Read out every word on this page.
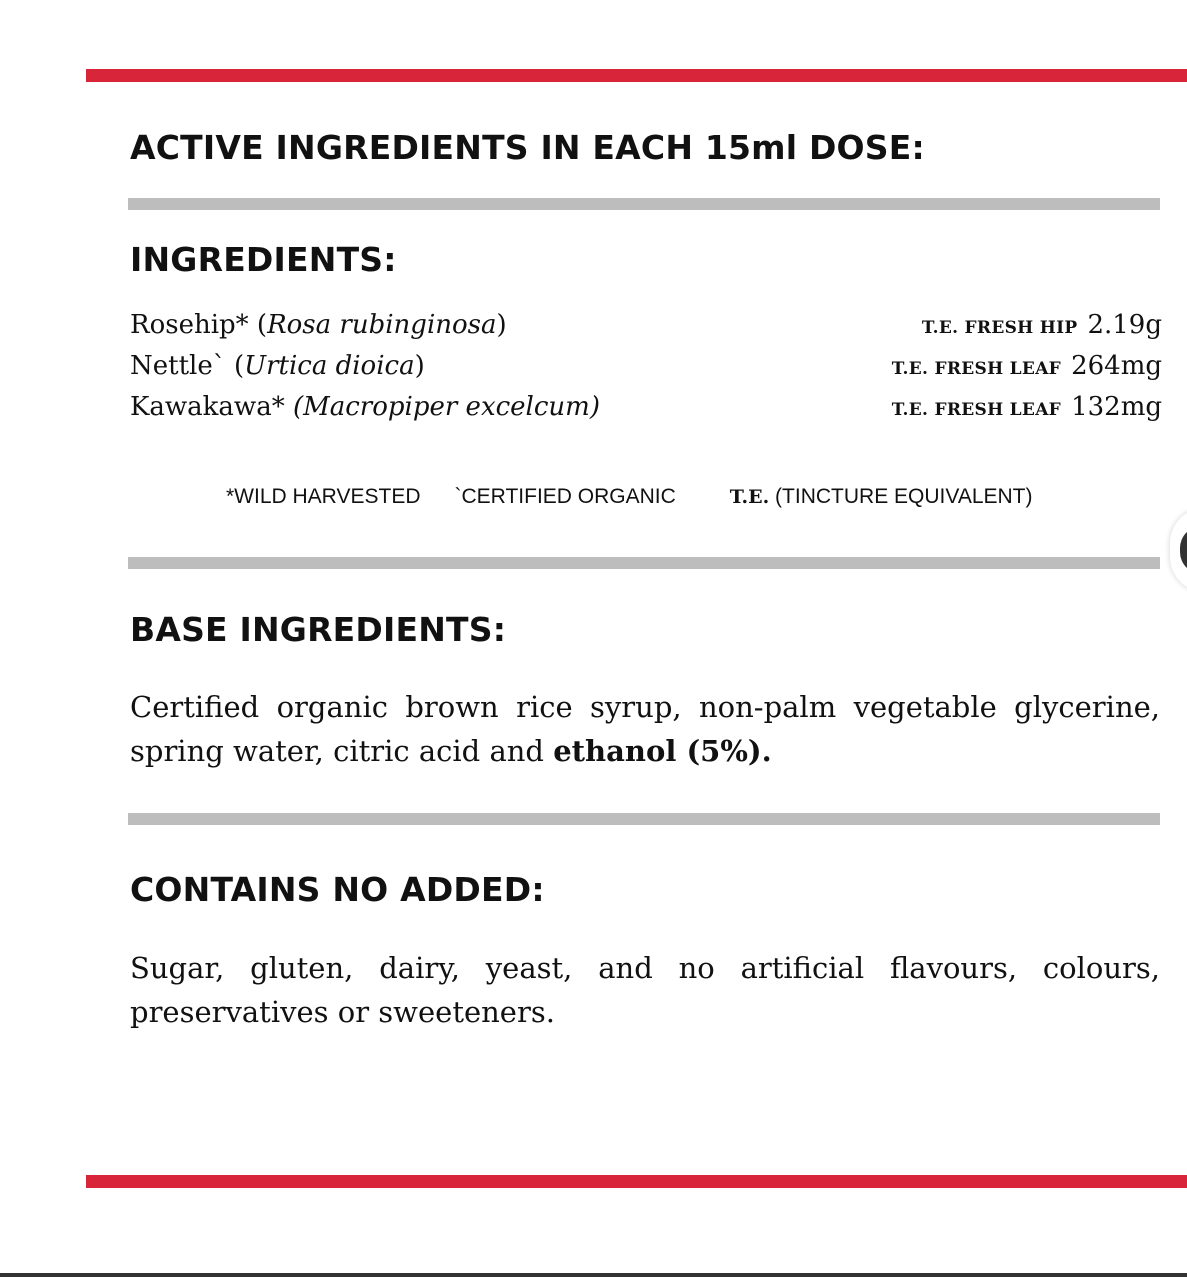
ACTIVE INGREDIENTS IN EACH 15ml DOSE:
INGREDIENTS:
Rosehip* (Rosa rubinginosa)	T.E. FRESH HIP 2.19g
Nettle` (Urtica dioica)	T.E. FRESH LEAF 264mg
Kawakawa* (Macropiper excelcum)	T.E. FRESH LEAF 132mg
*WILD HARVESTED `CERTIFIED ORGANIC	T.E. (TINCTURE EQUIVALENT)
BASE INGREDIENTS:

Certified organic brown rice syrup, non-palm vegetable glycerine, spring water, citric acid and ethanol (5%).

CONTAINS NO ADDED:

Sugar, gluten, dairy, yeast, and no artificial flavours, colours, preservatives or sweeteners.
